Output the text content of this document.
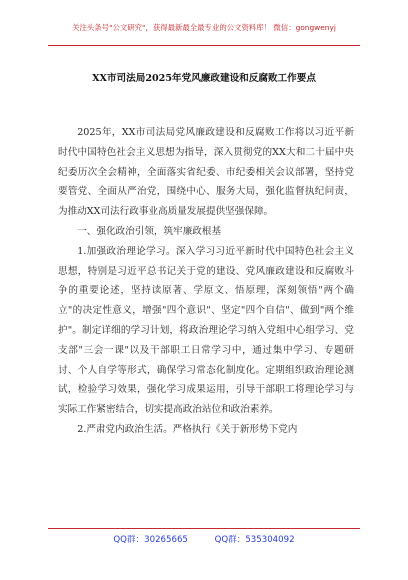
关注头条号"公文研究"，获得最新最全最专业的公文资料库！ 微信：gongwenyj
XX市司法局2025年党风廉政建设和反腐败工作要点

2025年，XX市司法局党风廉政建设和反腐败工作将以习近平新时代中国特色社会主义思想为指导，深入贯彻党的XX大和二十届中央纪委历次全会精神，全面落实省纪委、市纪委相关会议部署，坚持党要管党、全面从严治党，围绕中心、服务大局，强化监督执纪问责，为推动XX司法行政事业高质量发展提供坚强保障。

一、强化政治引领，筑牢廉政根基

1.加强政治理论学习。深入学习习近平新时代中国特色社会主义思想，特别是习近平总书记关于党的建设、党风廉政建设和反腐败斗争的重要论述，坚持读原著、学原文、悟原理，深刻领悟"两个确立"的决定性意义，增强"四个意识"、坚定"四个自信"、做到"两个维护"。制定详细的学习计划，将政治理论学习纳入党组中心组学习、党支部"三会一课"以及干部职工日常学习中，通过集中学习、专题研讨、个人自学等形式，确保学习常态化制度化。定期组织政治理论测试，检验学习效果，强化学习成果运用，引导干部职工将理论学习与实际工作紧密结合，切实提高政治站位和政治素养。

2.严肃党内政治生活。严格执行《关于新形势下党内

QQ群：30265665	QQ群：535304092
